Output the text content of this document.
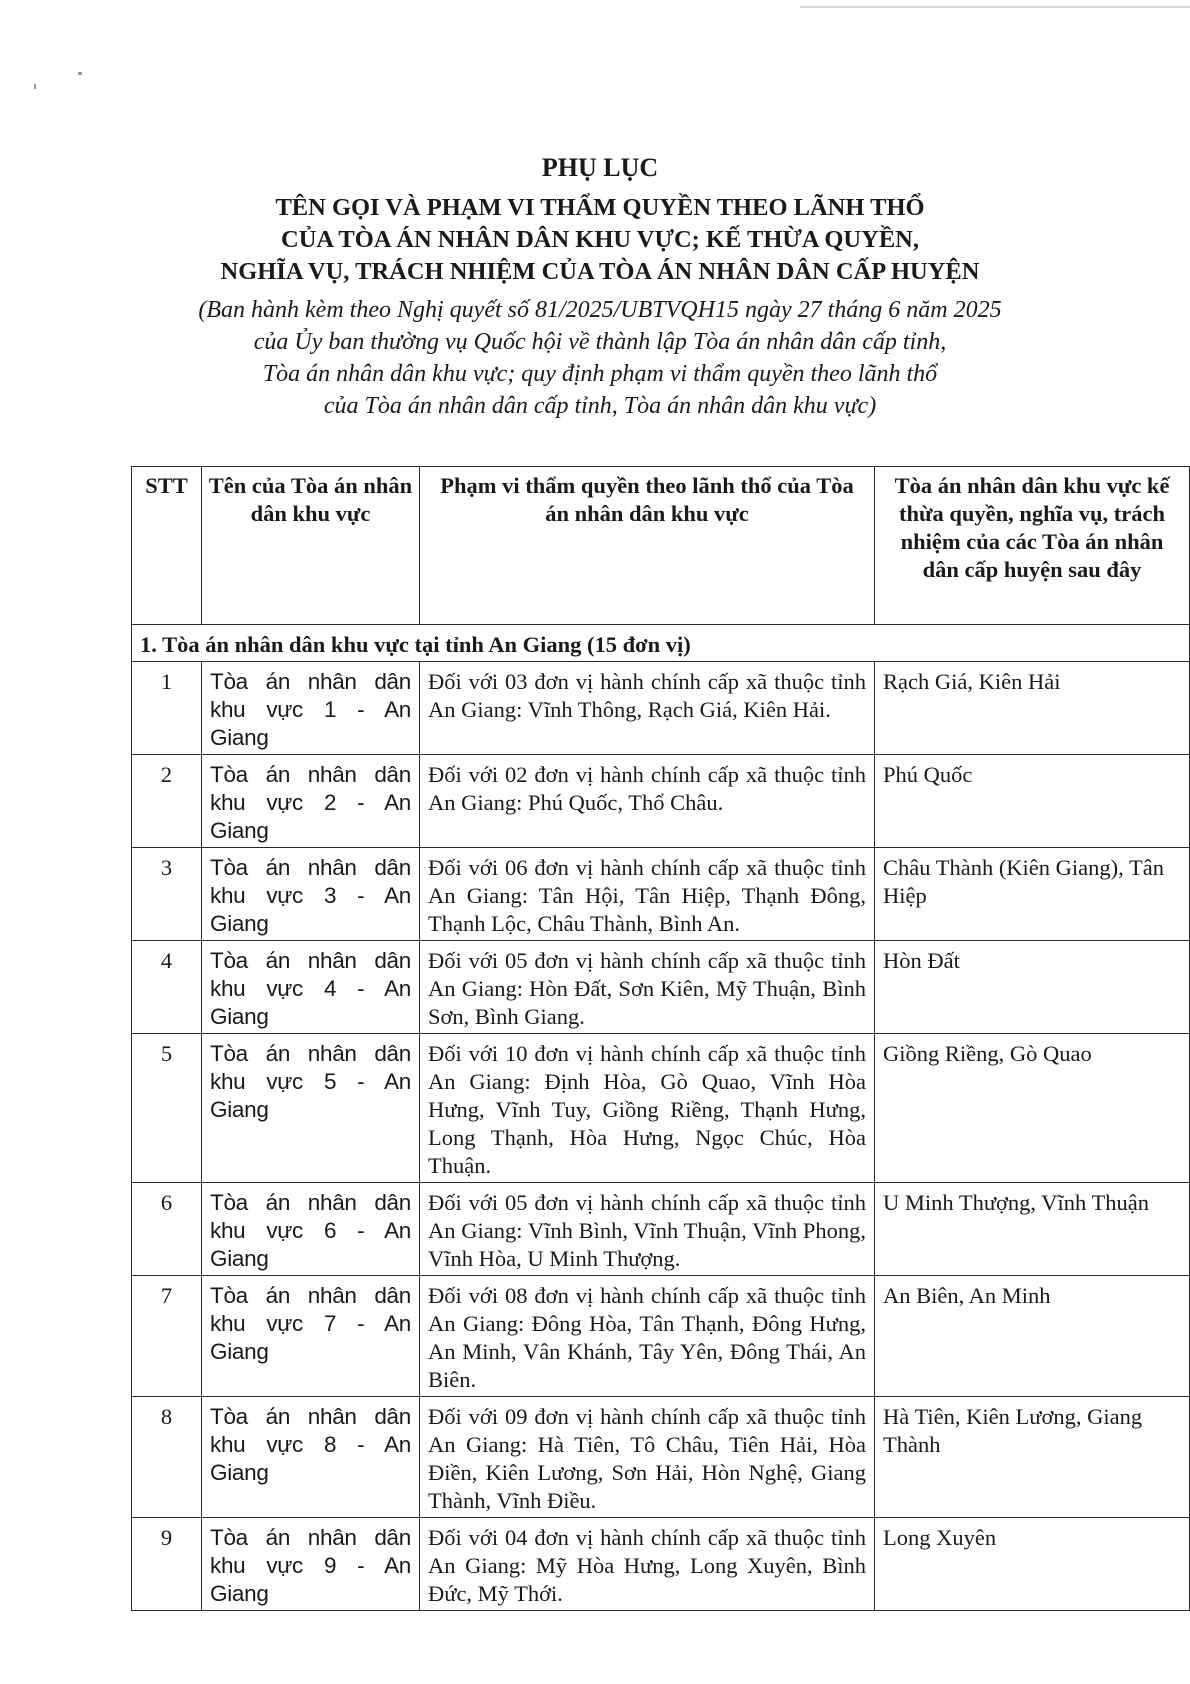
PHỤ LỤC
TÊN GỌI VÀ PHẠM VI THẨM QUYỀN THEO LÃNH THỔ
CỦA TÒA ÁN NHÂN DÂN KHU VỰC; KẾ THỪA QUYỀN,
NGHĨA VỤ, TRÁCH NHIỆM CỦA TÒA ÁN NHÂN DÂN CẤP HUYỆN
(Ban hành kèm theo Nghị quyết số 81/2025/UBTVQH15 ngày 27 tháng 6 năm 2025
của Ủy ban thường vụ Quốc hội về thành lập Tòa án nhân dân cấp tỉnh,
Tòa án nhân dân khu vực; quy định phạm vi thẩm quyền theo lãnh thổ
của Tòa án nhân dân cấp tỉnh, Tòa án nhân dân khu vực)
STT	Tên của Tòa án nhân dân khu vực	Phạm vi thẩm quyền theo lãnh thổ của Tòa án nhân dân khu vực	Tòa án nhân dân khu vực kế thừa quyền, nghĩa vụ, trách nhiệm của các Tòa án nhân dân cấp huyện sau đây
1. Tòa án nhân dân khu vực tại tỉnh An Giang (15 đơn vị)			
1	Tòa án nhân dân khu vực 1 - An Giang	Đối với 03 đơn vị hành chính cấp xã thuộc tỉnh An Giang: Vĩnh Thông, Rạch Giá, Kiên Hải.	Rạch Giá, Kiên Hải
2	Tòa án nhân dân khu vực 2 - An Giang	Đối với 02 đơn vị hành chính cấp xã thuộc tỉnh An Giang: Phú Quốc, Thổ Châu.	Phú Quốc
3	Tòa án nhân dân khu vực 3 - An Giang	Đối với 06 đơn vị hành chính cấp xã thuộc tỉnh An Giang: Tân Hội, Tân Hiệp, Thạnh Đông, Thạnh Lộc, Châu Thành, Bình An.	Châu Thành (Kiên Giang), Tân Hiệp
4	Tòa án nhân dân khu vực 4 - An Giang	Đối với 05 đơn vị hành chính cấp xã thuộc tỉnh An Giang: Hòn Đất, Sơn Kiên, Mỹ Thuận, Bình Sơn, Bình Giang.	Hòn Đất
5	Tòa án nhân dân khu vực 5 - An Giang	Đối với 10 đơn vị hành chính cấp xã thuộc tỉnh An Giang: Định Hòa, Gò Quao, Vĩnh Hòa Hưng, Vĩnh Tuy, Giồng Riềng, Thạnh Hưng, Long Thạnh, Hòa Hưng, Ngọc Chúc, Hòa Thuận.	Giồng Riềng, Gò Quao
6	Tòa án nhân dân khu vực 6 - An Giang	Đối với 05 đơn vị hành chính cấp xã thuộc tỉnh An Giang: Vĩnh Bình, Vĩnh Thuận, Vĩnh Phong, Vĩnh Hòa, U Minh Thượng.	U Minh Thượng, Vĩnh Thuận
7	Tòa án nhân dân khu vực 7 - An Giang	Đối với 08 đơn vị hành chính cấp xã thuộc tỉnh An Giang: Đông Hòa, Tân Thạnh, Đông Hưng, An Minh, Vân Khánh, Tây Yên, Đông Thái, An Biên.	An Biên, An Minh
8	Tòa án nhân dân khu vực 8 - An Giang	Đối với 09 đơn vị hành chính cấp xã thuộc tỉnh An Giang: Hà Tiên, Tô Châu, Tiên Hải, Hòa Điền, Kiên Lương, Sơn Hải, Hòn Nghệ, Giang Thành, Vĩnh Điều.	Hà Tiên, Kiên Lương, Giang Thành
9	Tòa án nhân dân khu vực 9 - An Giang	Đối với 04 đơn vị hành chính cấp xã thuộc tỉnh An Giang: Mỹ Hòa Hưng, Long Xuyên, Bình Đức, Mỹ Thới.	Long Xuyên
